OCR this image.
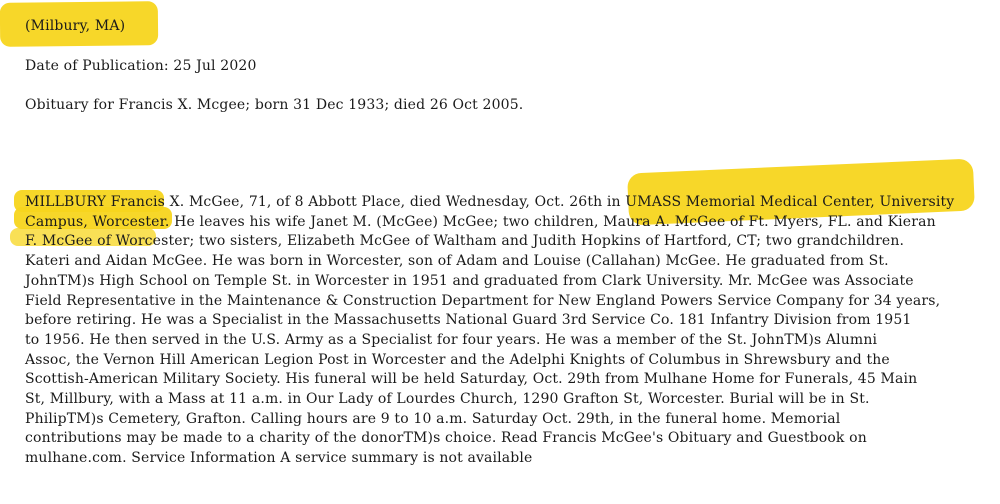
(Milbury, MA)
Date of Publication: 25 Jul 2020
Obituary for Francis X. Mcgee; born 31 Dec 1933; died 26 Oct 2005.
MILLBURY Francis X. McGee, 71, of 8 Abbott Place, died Wednesday, Oct. 26th in UMASS Memorial Medical Center, University
Campus, Worcester. He leaves his wife Janet M. (McGee) McGee; two children, Maura A. McGee of Ft. Myers, FL. and Kieran
F. McGee of Worcester; two sisters, Elizabeth McGee of Waltham and Judith Hopkins of Hartford, CT; two grandchildren.
Kateri and Aidan McGee. He was born in Worcester, son of Adam and Louise (Callahan) McGee. He graduated from St.
JohnTM)s High School on Temple St. in Worcester in 1951 and graduated from Clark University. Mr. McGee was Associate
Field Representative in the Maintenance & Construction Department for New England Powers Service Company for 34 years,
before retiring. He was a Specialist in the Massachusetts National Guard 3rd Service Co. 181 Infantry Division from 1951
to 1956. He then served in the U.S. Army as a Specialist for four years. He was a member of the St. JohnTM)s Alumni
Assoc, the Vernon Hill American Legion Post in Worcester and the Adelphi Knights of Columbus in Shrewsbury and the
Scottish-American Military Society. His funeral will be held Saturday, Oct. 29th from Mulhane Home for Funerals, 45 Main
St, Millbury, with a Mass at 11 a.m. in Our Lady of Lourdes Church, 1290 Grafton St, Worcester. Burial will be in St.
PhilipTM)s Cemetery, Grafton. Calling hours are 9 to 10 a.m. Saturday Oct. 29th, in the funeral home. Memorial
contributions may be made to a charity of the donorTM)s choice. Read Francis McGee's Obituary and Guestbook on
mulhane.com. Service Information A service summary is not available
